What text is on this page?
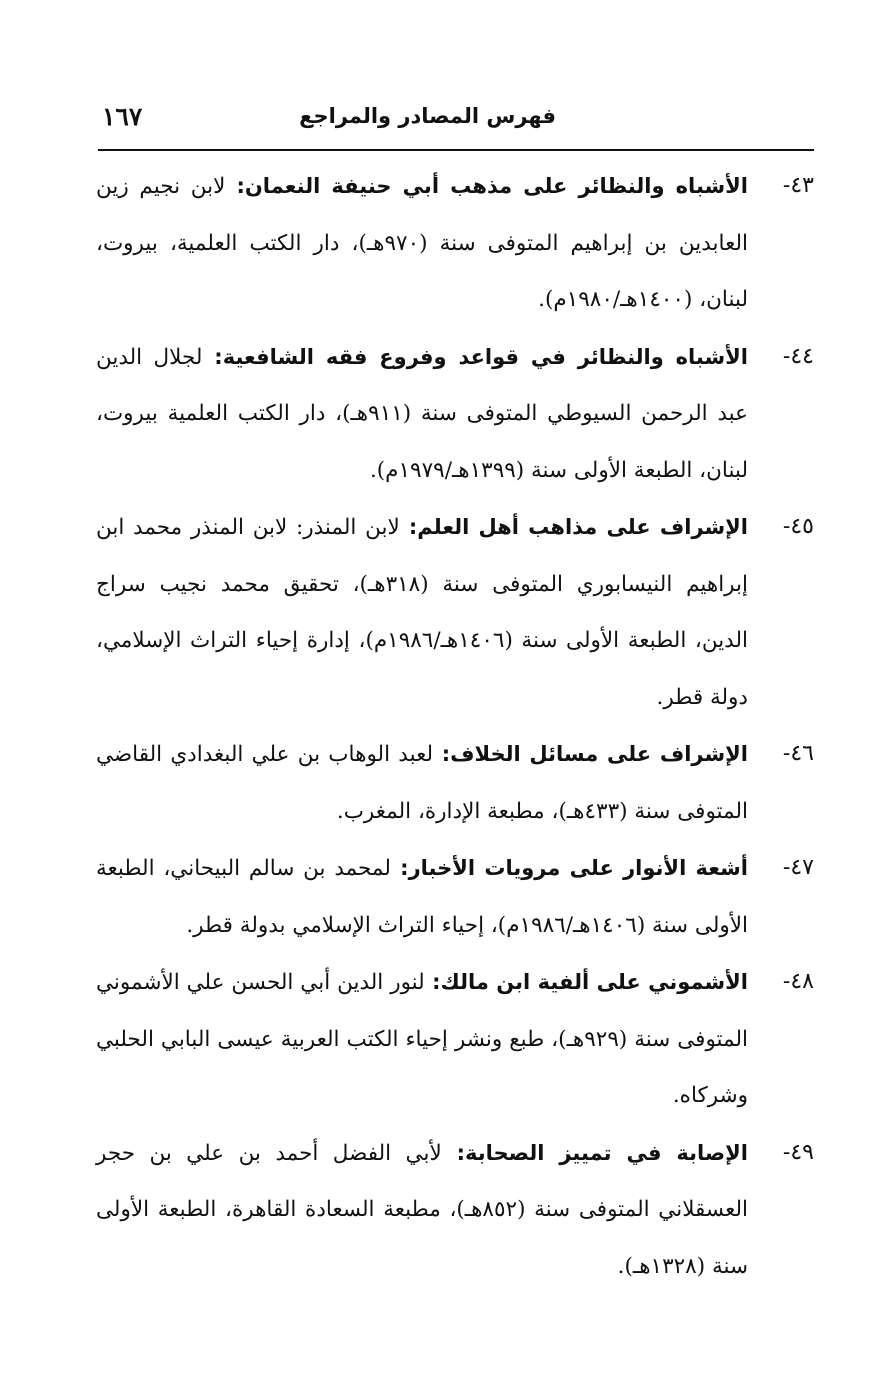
فهرس المصادر والمراجع
١٦٧
٤٣-
الأشباه والنظائر على مذهب أبي حنيفة النعمان: لابن نجيم زين العابدين بن إبراهيم المتوفى سنة (٩٧٠هـ)، دار الكتب العلمية، بيروت، لبنان، (١٤٠٠هـ/١٩٨٠م).
٤٤-
الأشباه والنظائر في قواعد وفروع فقه الشافعية: لجلال الدين عبد الرحمن السيوطي المتوفى سنة (٩١١هـ)، دار الكتب العلمية بيروت، لبنان، الطبعة الأولى سنة (١٣٩٩هـ/١٩٧٩م).
٤٥-
الإشراف على مذاهب أهل العلم: لابن المنذر: لابن المنذر محمد ابن إبراهيم النيسابوري المتوفى سنة (٣١٨هـ)، تحقيق محمد نجيب سراج الدين، الطبعة الأولى سنة (١٤٠٦هـ/١٩٨٦م)، إدارة إحياء التراث الإسلامي، دولة قطر.
٤٦-
الإشراف على مسائل الخلاف: لعبد الوهاب بن علي البغدادي القاضي المتوفى سنة (٤٣٣هـ)، مطبعة الإدارة، المغرب.
٤٧-
أشعة الأنوار على مرويات الأخبار: لمحمد بن سالم البيحاني، الطبعة الأولى سنة (١٤٠٦هـ/١٩٨٦م)، إحياء التراث الإسلامي بدولة قطر.
٤٨-
الأشموني على ألفية ابن مالك: لنور الدين أبي الحسن علي الأشموني المتوفى سنة (٩٢٩هـ)، طبع ونشر إحياء الكتب العربية عيسى البابي الحلبي وشركاه.
٤٩-
الإصابة في تمييز الصحابة: لأبي الفضل أحمد بن علي بن حجر العسقلاني المتوفى سنة (٨٥٢هـ)، مطبعة السعادة القاهرة، الطبعة الأولى سنة (١٣٢٨هـ).
